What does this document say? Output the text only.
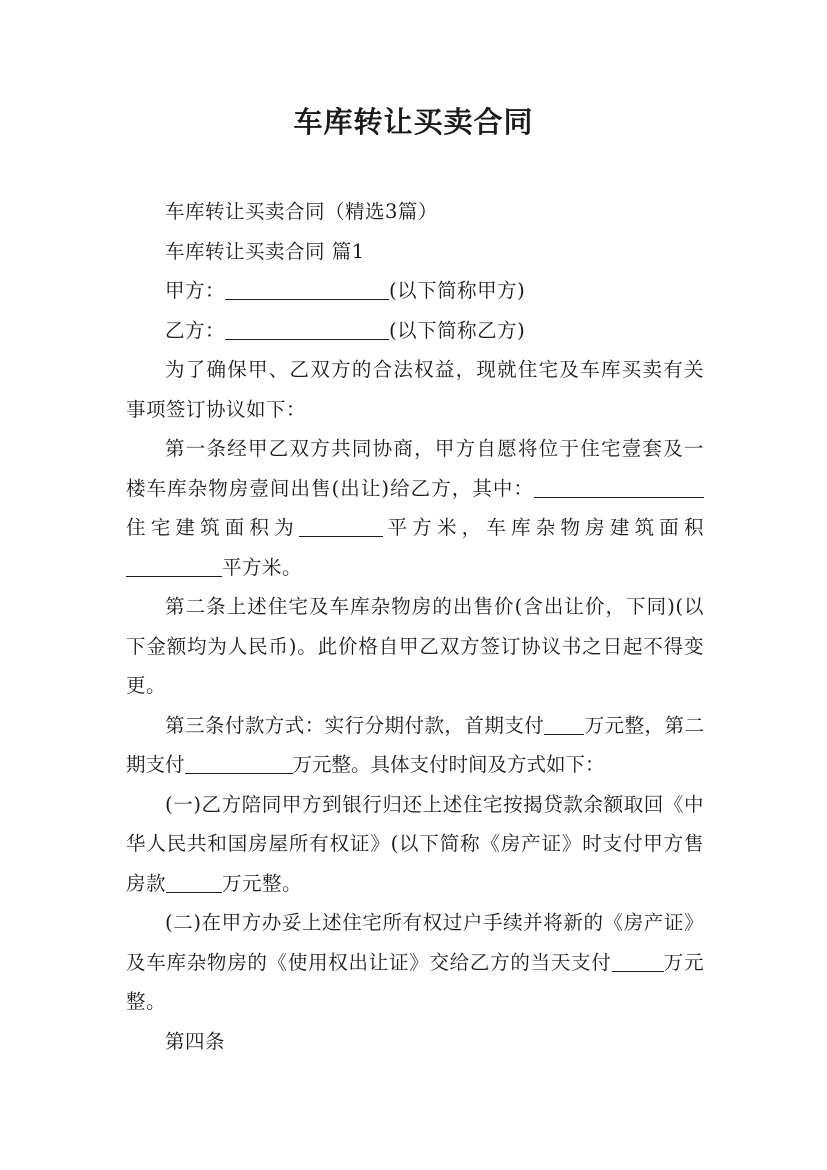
车库转让买卖合同

车库转让买卖合同（精选3篇）

车库转让买卖合同 篇1

甲方：	(以下简称甲方)

乙方：	(以下简称乙方)

为了确保甲、乙双方的合法权益，现就住宅及车库买卖有关事项签订协议如下：

第一条经甲乙双方共同协商，甲方自愿将位于住宅壹套及一楼车库杂物房壹间出售(出让)给乙方，其中：住宅建筑面积为	平方米，车库杂物房建筑面积平方米。

第二条上述住宅及车库杂物房的出售价(含出让价，下同)(以下金额均为人民币)。此价格自甲乙双方签订协议书之日起不得变更。

第三条付款方式：实行分期付款，首期支付 万元整，第二期支付	万元整。具体支付时间及方式如下：

(一)乙方陪同甲方到银行归还上述住宅按揭贷款余额取回《中华人民共和国房屋所有权证》(以下简称《房产证》时支付甲方售房款	万元整。

(二)在甲方办妥上述住宅所有权过户手续并将新的《房产证》及车库杂物房的《使用权出让证》交给乙方的当天支付	万元整。

第四条
